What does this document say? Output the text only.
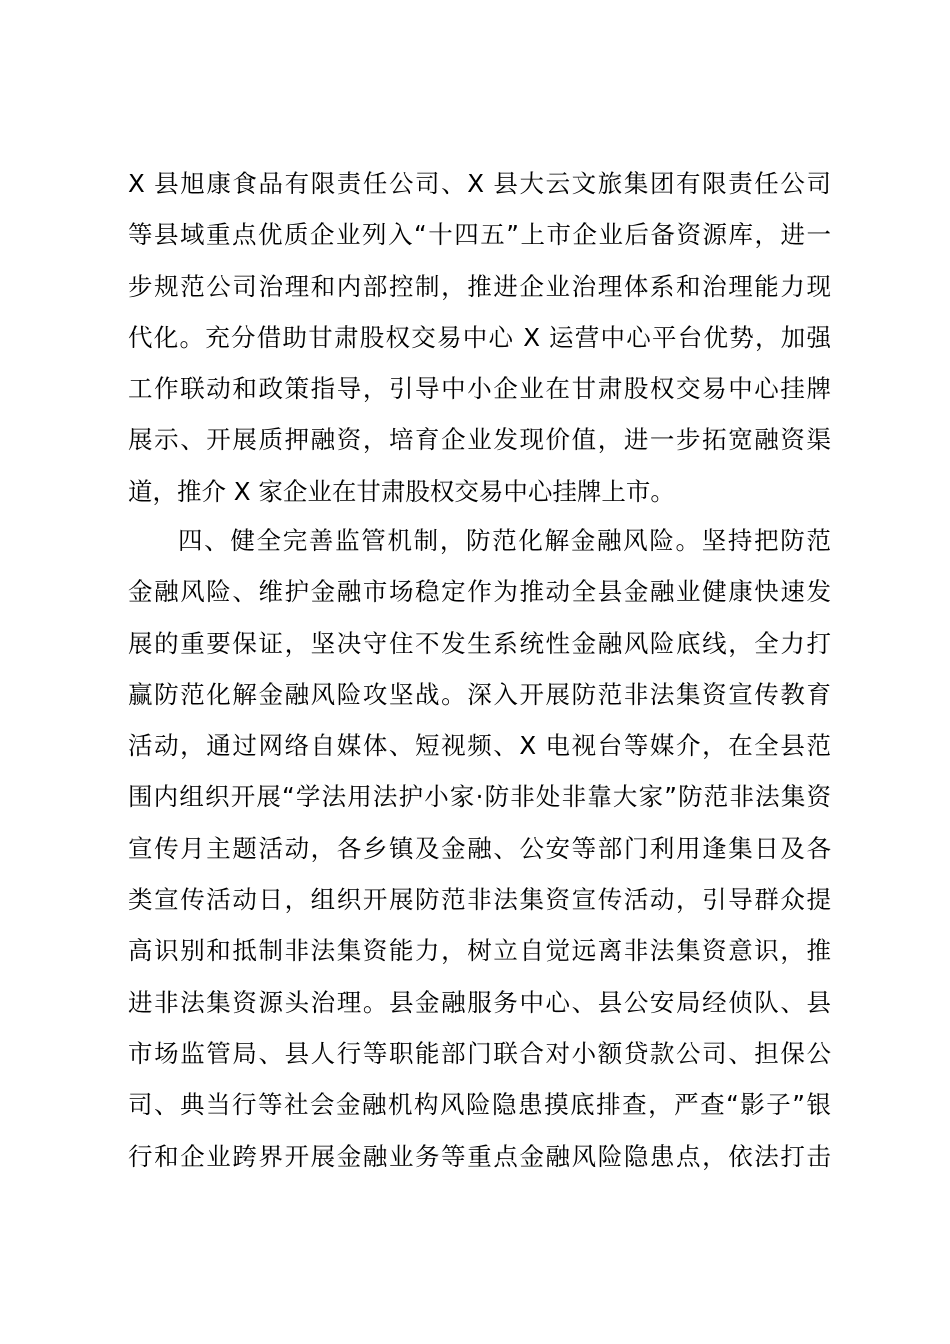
X 县旭康食品有限责任公司、X 县大云文旅集团有限责任公司
等县域重点优质企业列入“十四五”上市企业后备资源库，进一
步规范公司治理和内部控制，推进企业治理体系和治理能力现
代化。充分借助甘肃股权交易中心 X 运营中心平台优势，加强
工作联动和政策指导，引导中小企业在甘肃股权交易中心挂牌
展示、开展质押融资，培育企业发现价值，进一步拓宽融资渠
道，推介 X 家企业在甘肃股权交易中心挂牌上市。
四、健全完善监管机制，防范化解金融风险。坚持把防范
金融风险、维护金融市场稳定作为推动全县金融业健康快速发
展的重要保证，坚决守住不发生系统性金融风险底线，全力打
赢防范化解金融风险攻坚战。深入开展防范非法集资宣传教育
活动，通过网络自媒体、短视频、X 电视台等媒介，在全县范
围内组织开展“学法用法护小家·防非处非靠大家”防范非法集资
宣传月主题活动，各乡镇及金融、公安等部门利用逢集日及各
类宣传活动日，组织开展防范非法集资宣传活动，引导群众提
高识别和抵制非法集资能力，树立自觉远离非法集资意识，推
进非法集资源头治理。县金融服务中心、县公安局经侦队、县
市场监管局、县人行等职能部门联合对小额贷款公司、担保公
司、典当行等社会金融机构风险隐患摸底排查，严查“影子”银
行和企业跨界开展金融业务等重点金融风险隐患点，依法打击
